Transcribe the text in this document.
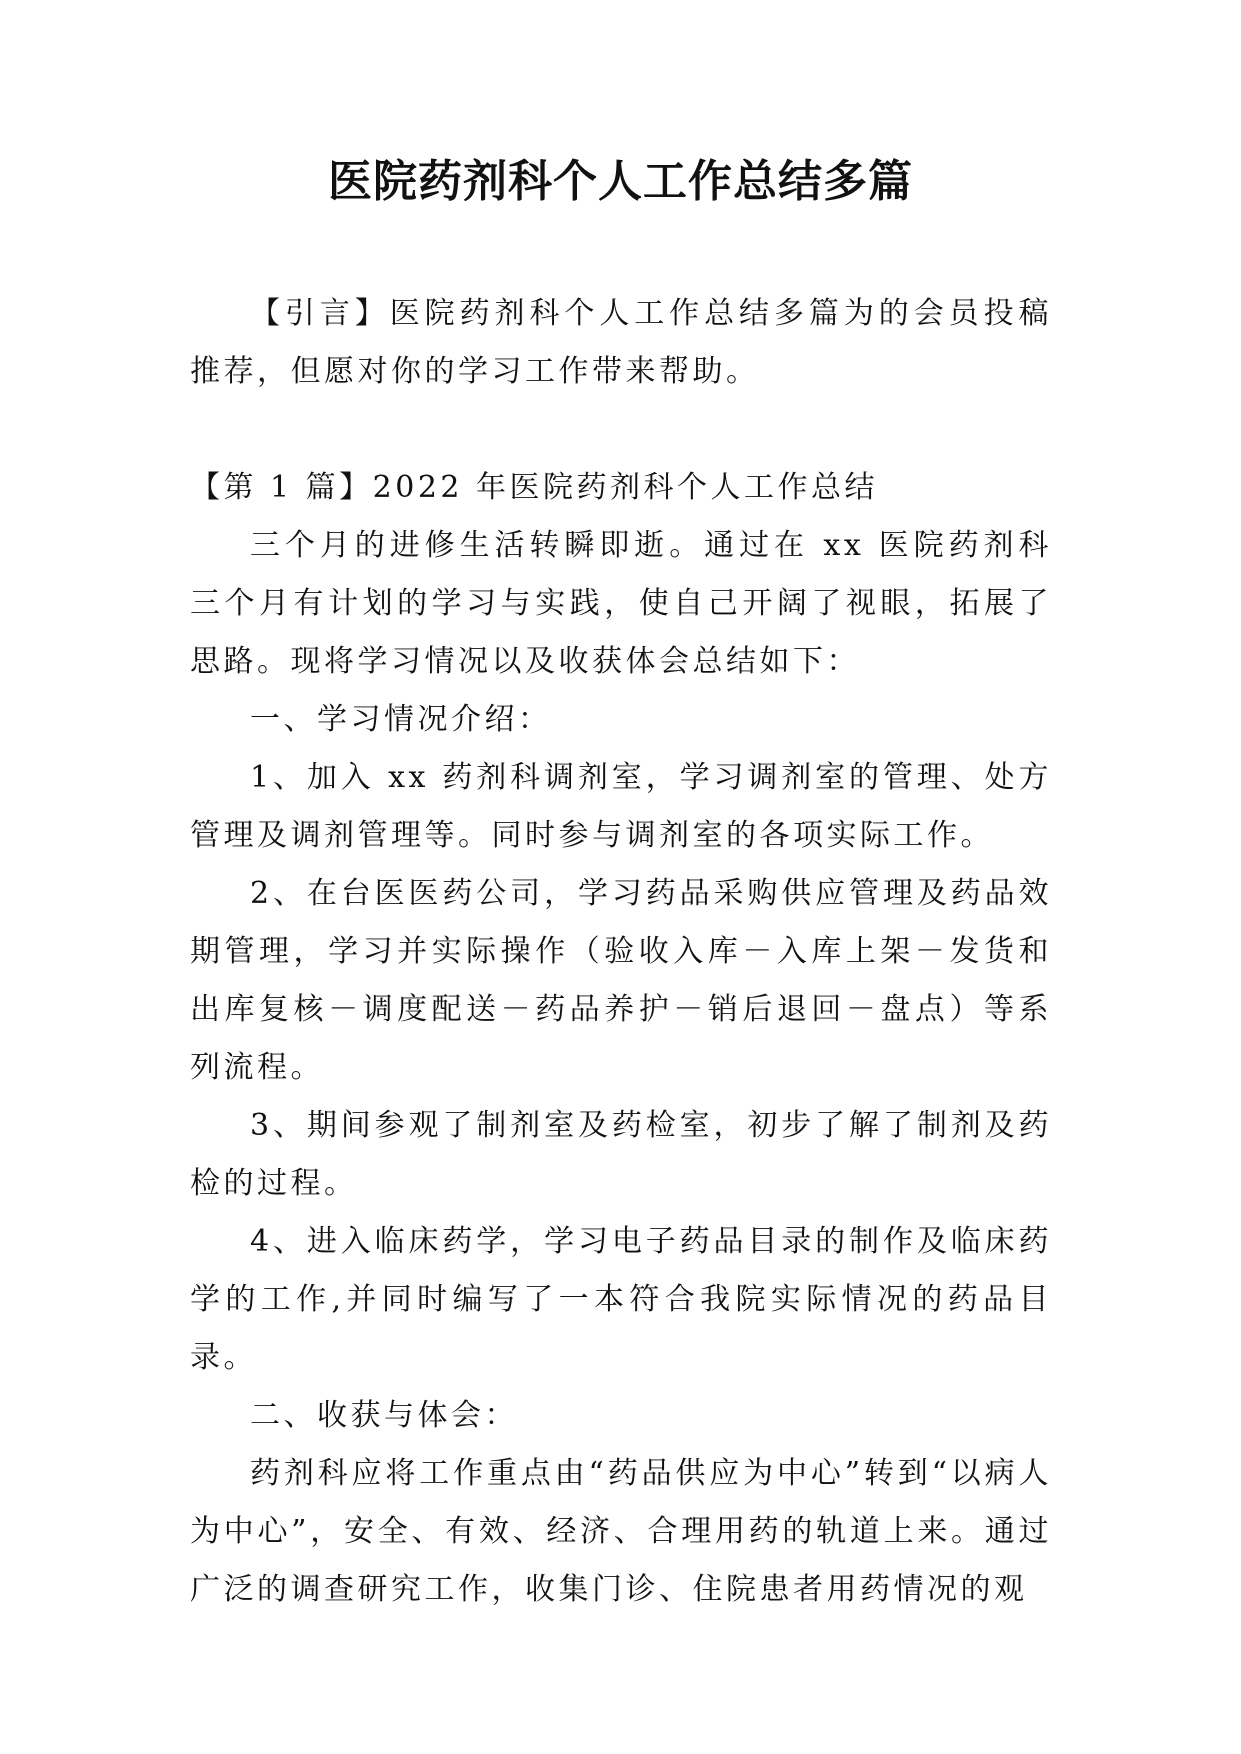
医院药剂科个人工作总结多篇

【引言】医院药剂科个人工作总结多篇为的会员投稿推荐，但愿对你的学习工作带来帮助。

【第 1 篇】2022 年医院药剂科个人工作总结

三个月的进修生活转瞬即逝。通过在 xx 医院药剂科三个月有计划的学习与实践，使自己开阔了视眼，拓展了思路。现将学习情况以及收获体会总结如下：

一、学习情况介绍：

1、加入 xx 药剂科调剂室，学习调剂室的管理、处方管理及调剂管理等。同时参与调剂室的各项实际工作。

2、在台医医药公司，学习药品采购供应管理及药品效期管理，学习并实际操作（验收入库－入库上架－发货和出库复核－调度配送－药品养护－销后退回－盘点）等系列流程。

3、期间参观了制剂室及药检室，初步了解了制剂及药检的过程。

4、进入临床药学，学习电子药品目录的制作及临床药学的工作,并同时编写了一本符合我院实际情况的药品目录。

二、收获与体会：

药剂科应将工作重点由“药品供应为中心”转到“以病人为中心”，安全、有效、经济、合理用药的轨道上来。通过广泛的调查研究工作，收集门诊、住院患者用药情况的观
